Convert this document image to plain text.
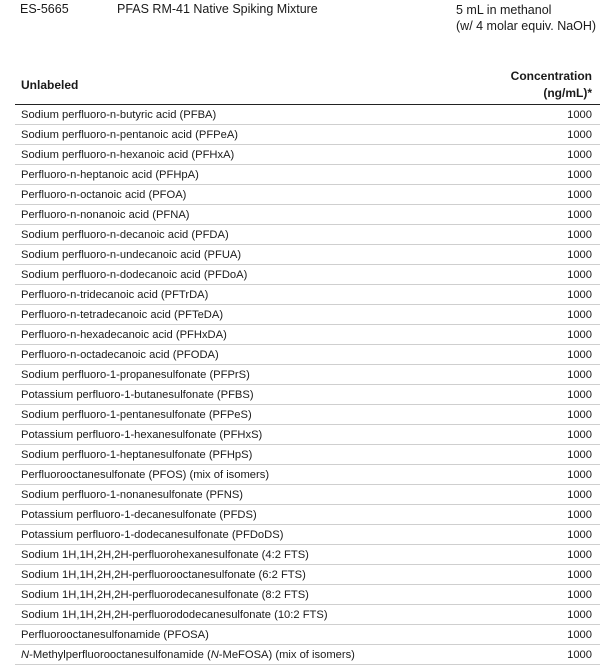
ES-5665	PFAS RM-41 Native Spiking Mixture	5 mL in methanol
(w/ 4 molar equiv. NaOH)
Unlabeled
Concentration
(ng/mL)*
Sodium perfluoro-n-butyric acid (PFBA)	1000
Sodium perfluoro-n-pentanoic acid (PFPeA)	1000
Sodium perfluoro-n-hexanoic acid (PFHxA)	1000
Perfluoro-n-heptanoic acid (PFHpA)	1000
Perfluoro-n-octanoic acid (PFOA)	1000
Perfluoro-n-nonanoic acid (PFNA)	1000
Sodium perfluoro-n-decanoic acid (PFDA)	1000
Sodium perfluoro-n-undecanoic acid (PFUA)	1000
Sodium perfluoro-n-dodecanoic acid (PFDoA)	1000
Perfluoro-n-tridecanoic acid (PFTrDA)	1000
Perfluoro-n-tetradecanoic acid (PFTeDA)	1000
Perfluoro-n-hexadecanoic acid (PFHxDA)	1000
Perfluoro-n-octadecanoic acid (PFODA)	1000
Sodium perfluoro-1-propanesulfonate (PFPrS)	1000
Potassium perfluoro-1-butanesulfonate (PFBS)	1000
Sodium perfluoro-1-pentanesulfonate (PFPeS)	1000
Potassium perfluoro-1-hexanesulfonate (PFHxS)	1000
Sodium perfluoro-1-heptanesulfonate (PFHpS)	1000
Perfluorooctanesulfonate (PFOS) (mix of isomers)	1000
Sodium perfluoro-1-nonanesulfonate (PFNS)	1000
Potassium perfluoro-1-decanesulfonate (PFDS)	1000
Potassium perfluoro-1-dodecanesulfonate (PFDoDS)	1000
Sodium 1H,1H,2H,2H-perfluorohexanesulfonate (4:2 FTS)	1000
Sodium 1H,1H,2H,2H-perfluorooctanesulfonate (6:2 FTS)	1000
Sodium 1H,1H,2H,2H-perfluorodecanesulfonate (8:2 FTS)	1000
Sodium 1H,1H,2H,2H-perfluorododecanesulfonate (10:2 FTS)	1000
Perfluorooctanesulfonamide (PFOSA)	1000
N-Methylperfluorooctanesulfonamide (N-MeFOSA) (mix of isomers)	1000
